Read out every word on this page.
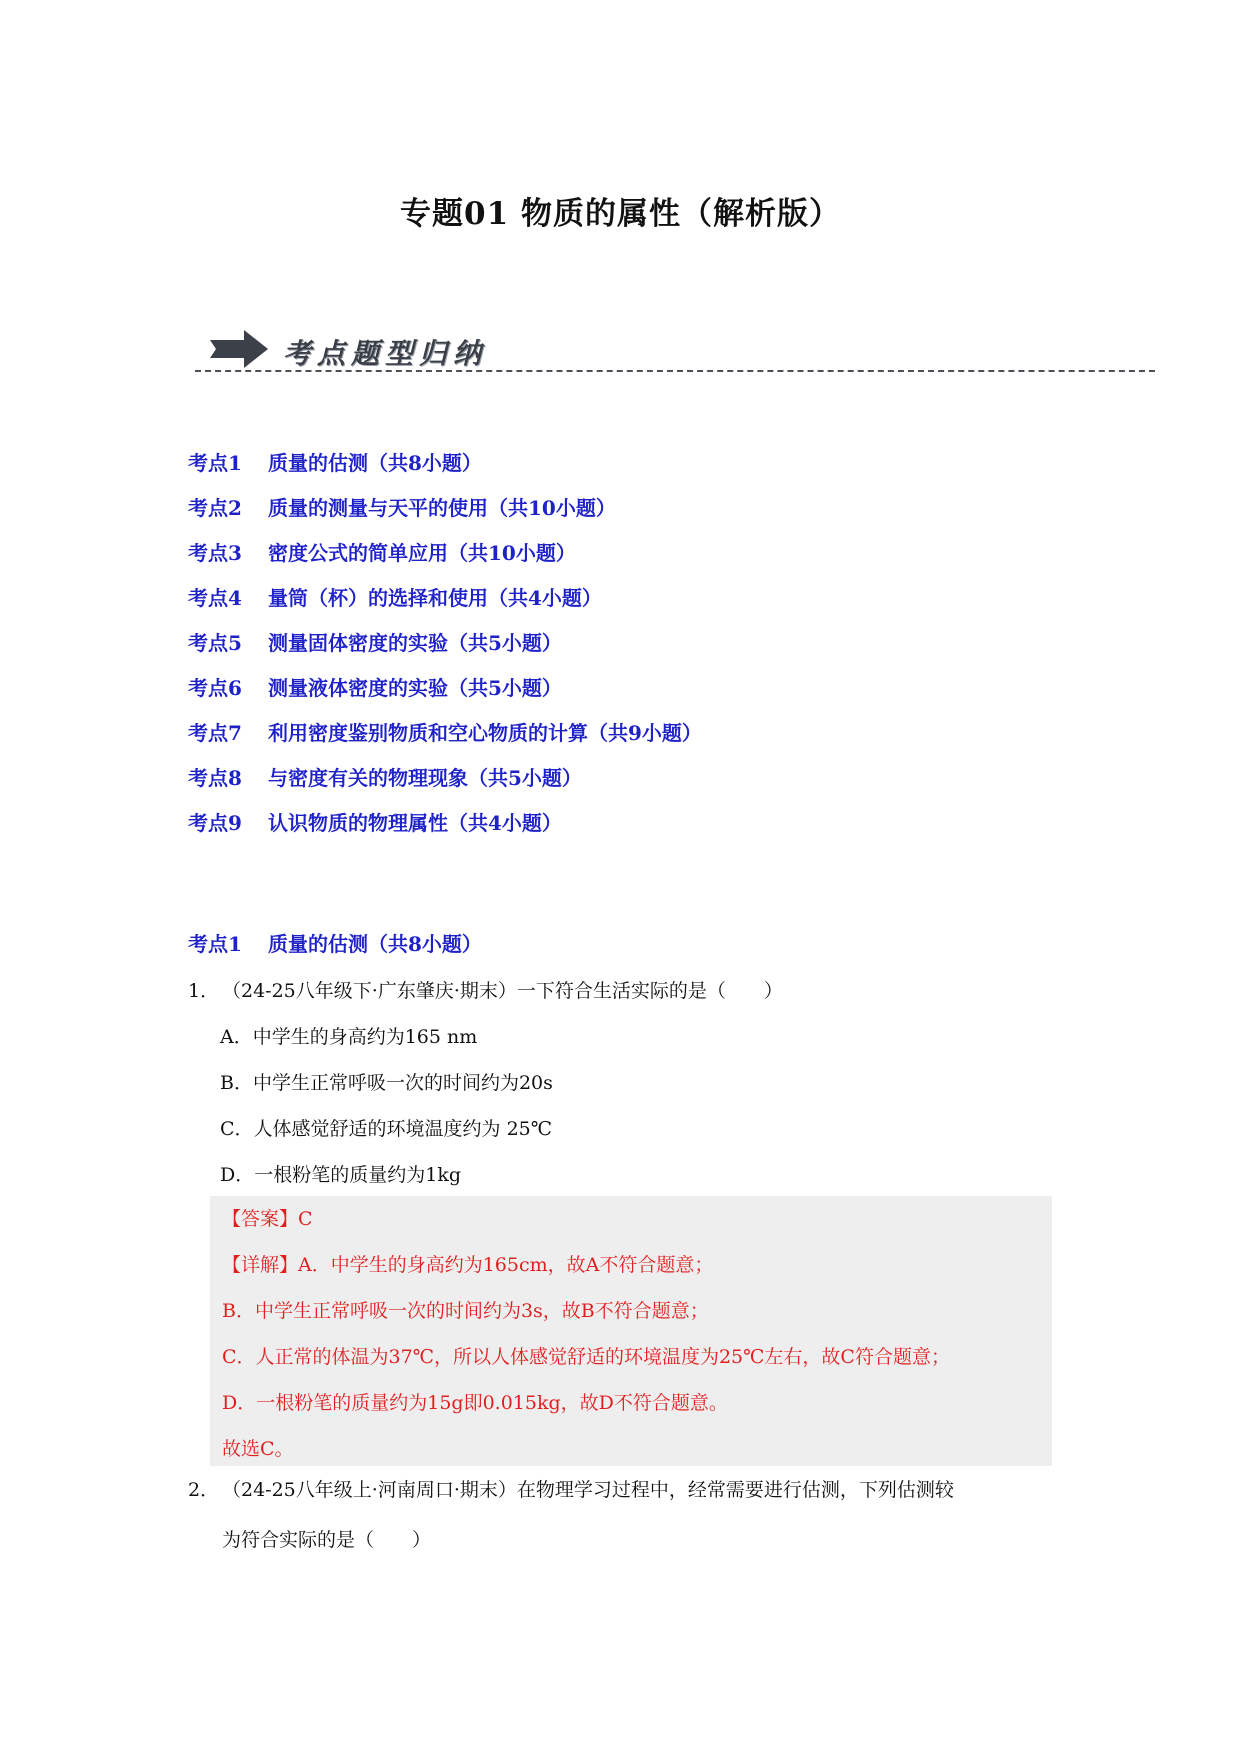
专题01 物质的属性（解析版）
考点题型归纳
考点1 质量的估测（共8小题）
考点2 质量的测量与天平的使用（共10小题）
考点3 密度公式的简单应用（共10小题）
考点4 量筒（杯）的选择和使用（共4小题）
考点5 测量固体密度的实验（共5小题）
考点6 测量液体密度的实验（共5小题）
考点7 利用密度鉴别物质和空心物质的计算（共9小题）
考点8 与密度有关的物理现象（共5小题）
考点9 认识物质的物理属性（共4小题）
考点1 质量的估测（共8小题）
1． （24-25八年级下·广东肇庆·期末）一下符合生活实际的是（　　）
A．中学生的身高约为165 nm
B．中学生正常呼吸一次的时间约为20s
C．人体感觉舒适的环境温度约为 25℃
D．一根粉笔的质量约为1kg
【答案】C
【详解】A．中学生的身高约为165cm，故A不符合题意；
B．中学生正常呼吸一次的时间约为3s，故B不符合题意；
C．人正常的体温为37℃，所以人体感觉舒适的环境温度为25℃左右，故C符合题意；
D．一根粉笔的质量约为15g即0.015kg，故D不符合题意。
故选C。
2． （24-25八年级上·河南周口·期末）在物理学习过程中，经常需要进行估测，下列估测较
为符合实际的是（　　）
